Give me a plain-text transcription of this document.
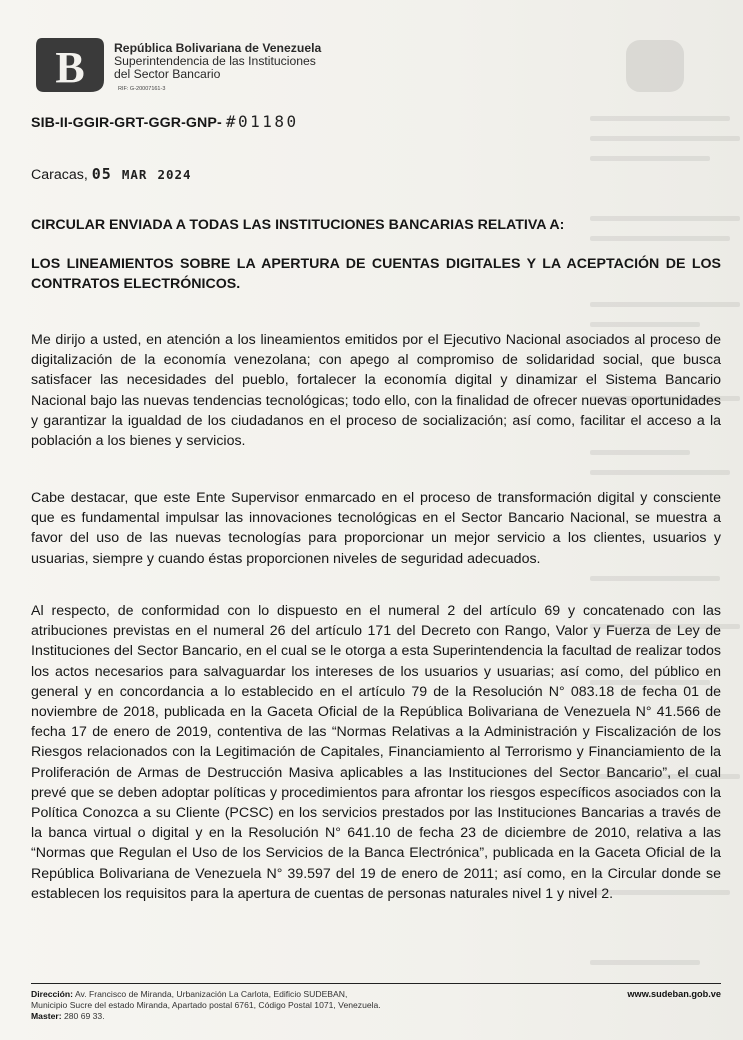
B República Bolivariana de Venezuela
Superintendencia de las Instituciones
del Sector Bancario
RIF: G-20007161-3
SIB-II-GGIR-GRT-GGR-GNP- #01180
Caracas, 05 MAR 2024
CIRCULAR ENVIADA A TODAS LAS INSTITUCIONES BANCARIAS RELATIVA A:
LOS LINEAMIENTOS SOBRE LA APERTURA DE CUENTAS DIGITALES Y LA ACEPTACIÓN DE LOS CONTRATOS ELECTRÓNICOS.

Me dirijo a usted, en atención a los lineamientos emitidos por el Ejecutivo Nacional asociados al proceso de digitalización de la economía venezolana; con apego al compromiso de solidaridad social, que busca satisfacer las necesidades del pueblo, fortalecer la economía digital y dinamizar el Sistema Bancario Nacional bajo las nuevas tendencias tecnológicas; todo ello, con la finalidad de ofrecer nuevas oportunidades y garantizar la igualdad de los ciudadanos en el proceso de socialización; así como, facilitar el acceso a la población a los bienes y servicios.

Cabe destacar, que este Ente Supervisor enmarcado en el proceso de transformación digital y consciente que es fundamental impulsar las innovaciones tecnológicas en el Sector Bancario Nacional, se muestra a favor del uso de las nuevas tecnologías para proporcionar un mejor servicio a los clientes, usuarios y usuarias, siempre y cuando éstas proporcionen niveles de seguridad adecuados.

Al respecto, de conformidad con lo dispuesto en el numeral 2 del artículo 69 y concatenado con las atribuciones previstas en el numeral 26 del artículo 171 del Decreto con Rango, Valor y Fuerza de Ley de Instituciones del Sector Bancario, en el cual se le otorga a esta Superintendencia la facultad de realizar todos los actos necesarios para salvaguardar los intereses de los usuarios y usuarias; así como, del público en general y en concordancia a lo establecido en el artículo 79 de la Resolución N° 083.18 de fecha 01 de noviembre de 2018, publicada en la Gaceta Oficial de la República Bolivariana de Venezuela N° 41.566 de fecha 17 de enero de 2019, contentiva de las “Normas Relativas a la Administración y Fiscalización de los Riesgos relacionados con la Legitimación de Capitales, Financiamiento al Terrorismo y Financiamiento de la Proliferación de Armas de Destrucción Masiva aplicables a las Instituciones del Sector Bancario”, el cual prevé que se deben adoptar políticas y procedimientos para afrontar los riesgos específicos asociados con la Política Conozca a su Cliente (PCSC) en los servicios prestados por las Instituciones Bancarias a través de la banca virtual o digital y en la Resolución N° 641.10 de fecha 23 de diciembre de 2010, relativa a las “Normas que Regulan el Uso de los Servicios de la Banca Electrónica”, publicada en la Gaceta Oficial de la República Bolivariana de Venezuela N° 39.597 del 19 de enero de 2011; así como, en la Circular donde se establecen los requisitos para la apertura de cuentas de personas naturales nivel 1 y nivel 2.

Dirección: Av. Francisco de Miranda, Urbanización La Carlota, Edificio SUDEBAN,
Municipio Sucre del estado Miranda, Apartado postal 6761, Código Postal 1071, Venezuela.
Master: 280 69 33.
www.sudeban.gob.ve
